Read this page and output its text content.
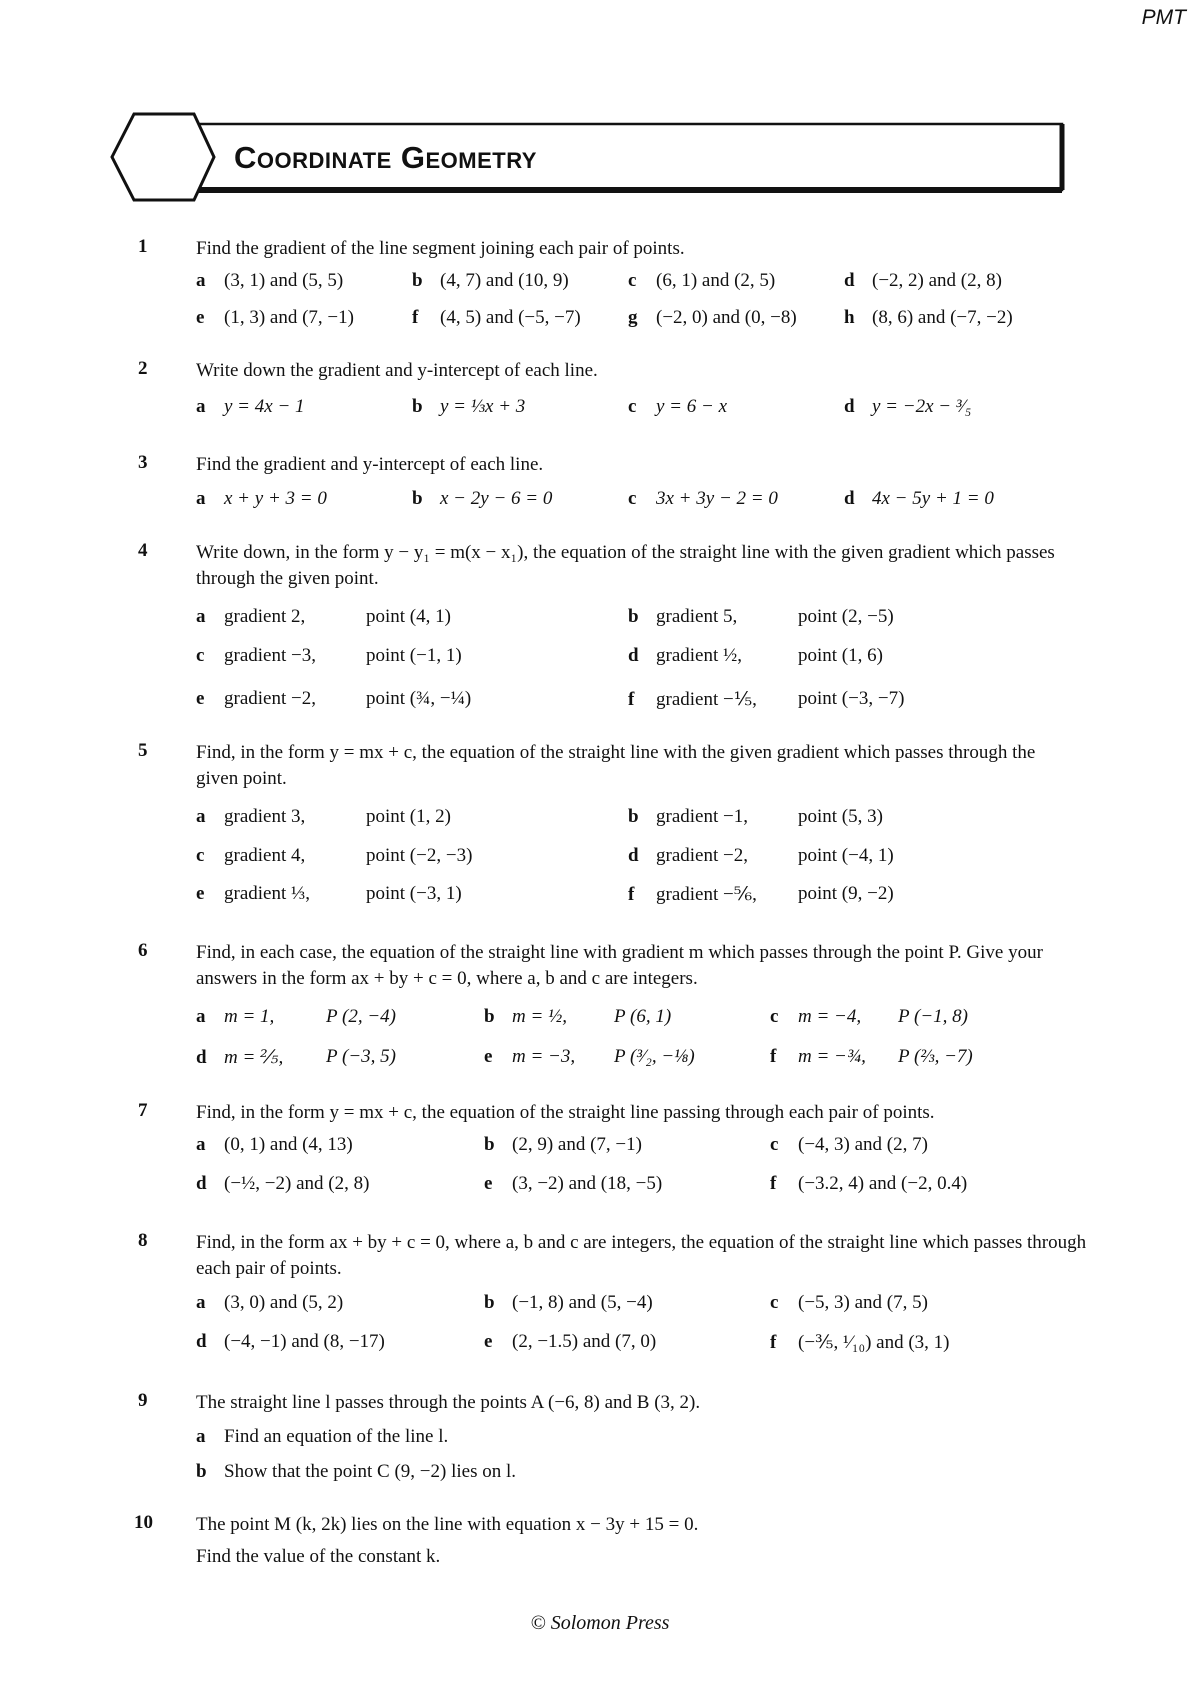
PMT
Coordinate Geometry
1	Find the gradient of the line segment joining each pair of points.
a (3, 1) and (5, 5)	b (4, 7) and (10, 9)	c (6, 1) and (2, 5)	d (−2, 2) and (2, 8)
e (1, 3) and (7, −1)	f (4, 5) and (−5, −7) g (−2, 0) and (0, −8) h (8, 6) and (−7, −2)
2	Write down the gradient and y-intercept of each line.
a y = 4x − 1	b y = ⅓x + 3	c y = 6 − x	d y = −2x − ³⁄₅
3	Find the gradient and y-intercept of each line.
a x + y + 3 = 0	b x − 2y − 6 = 0	c 3x + 3y − 2 = 0	d 4x − 5y + 1 = 0
4	Write down, in the form y − y₁ = m(x − x₁), the equation of the straight line with the given gradient which passes through the given point.
a gradient 2,	point (4, 1)	b gradient 5,	point (2, −5)
c gradient −3,	point (−1, 1)	d gradient ½,	point (1, 6)
e gradient −2,	point (¾, −¼)	f gradient −⅕, point (−3, −7)
5	Find, in the form y = mx + c, the equation of the straight line with the given gradient which passes through the given point.
a gradient 3,	point (1, 2)	b gradient −1,	point (5, 3)
c gradient 4,	point (−2, −3)	d gradient −2,	point (−4, 1)
e gradient ⅓,	point (−3, 1)	f gradient −⅚, point (9, −2)
6	Find, in each case, the equation of the straight line with gradient m which passes through the point P. Give your answers in the form ax + by + c = 0, where a, b and c are integers.
a m = 1,	P (2, −4)	b m = ½, P (6, 1)	c m = −4, P (−1, 8)
d m = ⅖, P (−3, 5)	e m = −3, P (³⁄₂, −⅛)	f m = −¾, P (⅔, −7)
7	Find, in the form y = mx + c, the equation of the straight line passing through each pair of points.
a (0, 1) and (4, 13)	b (2, 9) and (7, −1)	c (−4, 3) and (2, 7)
d (−½, −2) and (2, 8)	e (3, −2) and (18, −5)	f (−3.2, 4) and (−2, 0.4)
8	Find, in the form ax + by + c = 0, where a, b and c are integers, the equation of the straight line which passes through each pair of points.
a (3, 0) and (5, 2)	b (−1, 8) and (5, −4)	c (−5, 3) and (7, 5)
d (−4, −1) and (8, −17)	e (2, −1.5) and (7, 0)	f (−⅗, ¹⁄₁₀) and (3, 1)
9	The straight line l passes through the points A (−6, 8) and B (3, 2).
a Find an equation of the line l.
b Show that the point C (9, −2) lies on l.
10 The point M (k, 2k) lies on the line with equation x − 3y + 15 = 0.
Find the value of the constant k.
© Solomon Press
